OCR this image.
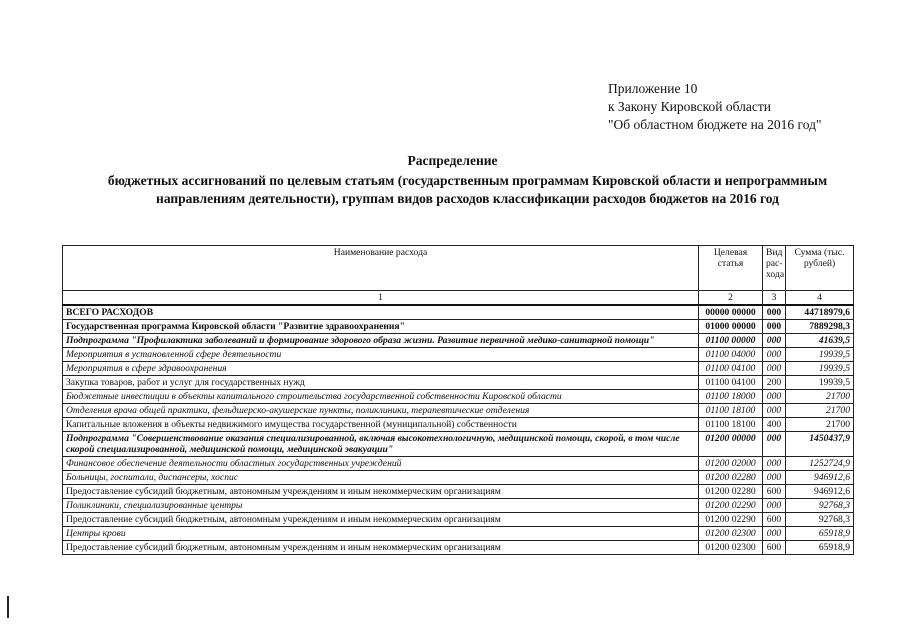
Приложение 10
к Закону Кировской области
"Об областном бюджете на 2016 год"
Распределение
бюджетных ассигнований по целевым статьям (государственным программам Кировской области и непрограммным направлениям деятельности), группам видов расходов классификации расходов бюджетов на 2016 год
Наименование расхода	Целевая статья	Вид рас-хода	Сумма (тыс. рублей)
1	2	3	4
ВСЕГО РАСХОДОВ	00000 00000	000	44718979,6
Государственная программа Кировской области "Развитие здравоохранения"	01000 00000	000	7889298,3
Подпрограмма "Профилактика заболеваний и формирование здорового образа жизни. Развитие первичной медико-санитарной помощи"	01100 00000	000	41639,5
Мероприятия в установленной сфере деятельности	01100 04000	000	19939,5
Мероприятия в сфере здравоохранения	01100 04100	000	19939,5
Закупка товаров, работ и услуг для государственных нужд	01100 04100	200	19939,5
Бюджетные инвестиции в объекты капитального строительства государственной собственности Кировской области	01100 18000	000	21700
Отделения врача общей практики, фельдшерско-акушерские пункты, поликлиники, терапевтические отделения	01100 18100	000	21700
Капитальные вложения в объекты недвижимого имущества государственной (муниципальной) собственности	01100 18100	400	21700
Подпрограмма "Совершенствование оказания специализированной, включая высокотехнологичную, медицинской помощи, скорой, в том числе скорой специализированной, медицинской помощи, медицинской эвакуации"	01200 00000	000	1450437,9
Финансовое обеспечение деятельности областных государственных учреждений	01200 02000	000	1252724,9
Больницы, госпитали, диспансеры, хоспис	01200 02280	000	946912,6
Предоставление субсидий бюджетным, автономным учреждениям и иным некоммерческим организациям	01200 02280	600	946912,6
Поликлиники, специализированные центры	01200 02290	000	92768,3
Предоставление субсидий бюджетным, автономным учреждениям и иным некоммерческим организациям	01200 02290	600	92768,3
Центры крови	01200 02300	000	65918,9
Предоставление субсидий бюджетным, автономным учреждениям и иным некоммерческим организациям	01200 02300	600	65918,9
